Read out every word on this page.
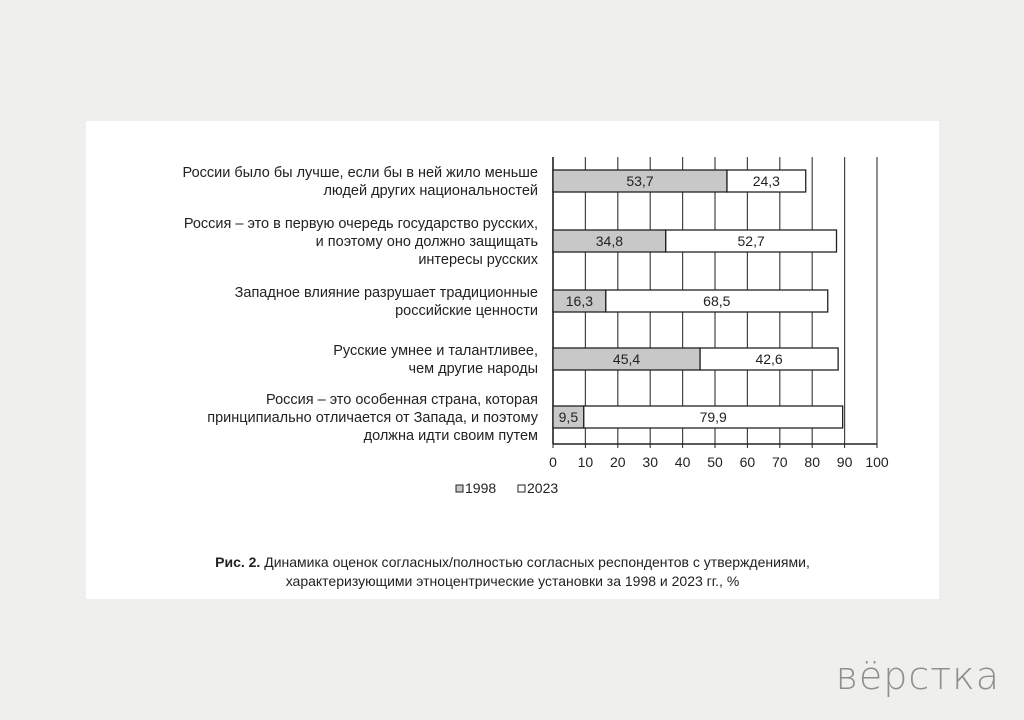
0 10 20 30 40 50 60 70 80 90 100
России было бы лучше, если бы в ней жило меньше
людей других национальностей
53,7	24,3
Россия – это в первую очередь государство русских,
и поэтому оно должно защищать
интересы русских
34,8	52,7
Западное влияние разрушает традиционные
российские ценности
16,3	68,5
Русские умнее и талантливее,
чем другие народы
45,4	42,6
Россия – это особенная страна, которая
принципиально отличается от Запада, и поэтому
должна идти своим путем
9,5	79,9
1998 2023
Рис. 2. Динамика оценок согласных/полностью согласных респондентов с утверждениями,
характеризующими этноцентрические установки за 1998 и 2023 гг., %
вёрстка
